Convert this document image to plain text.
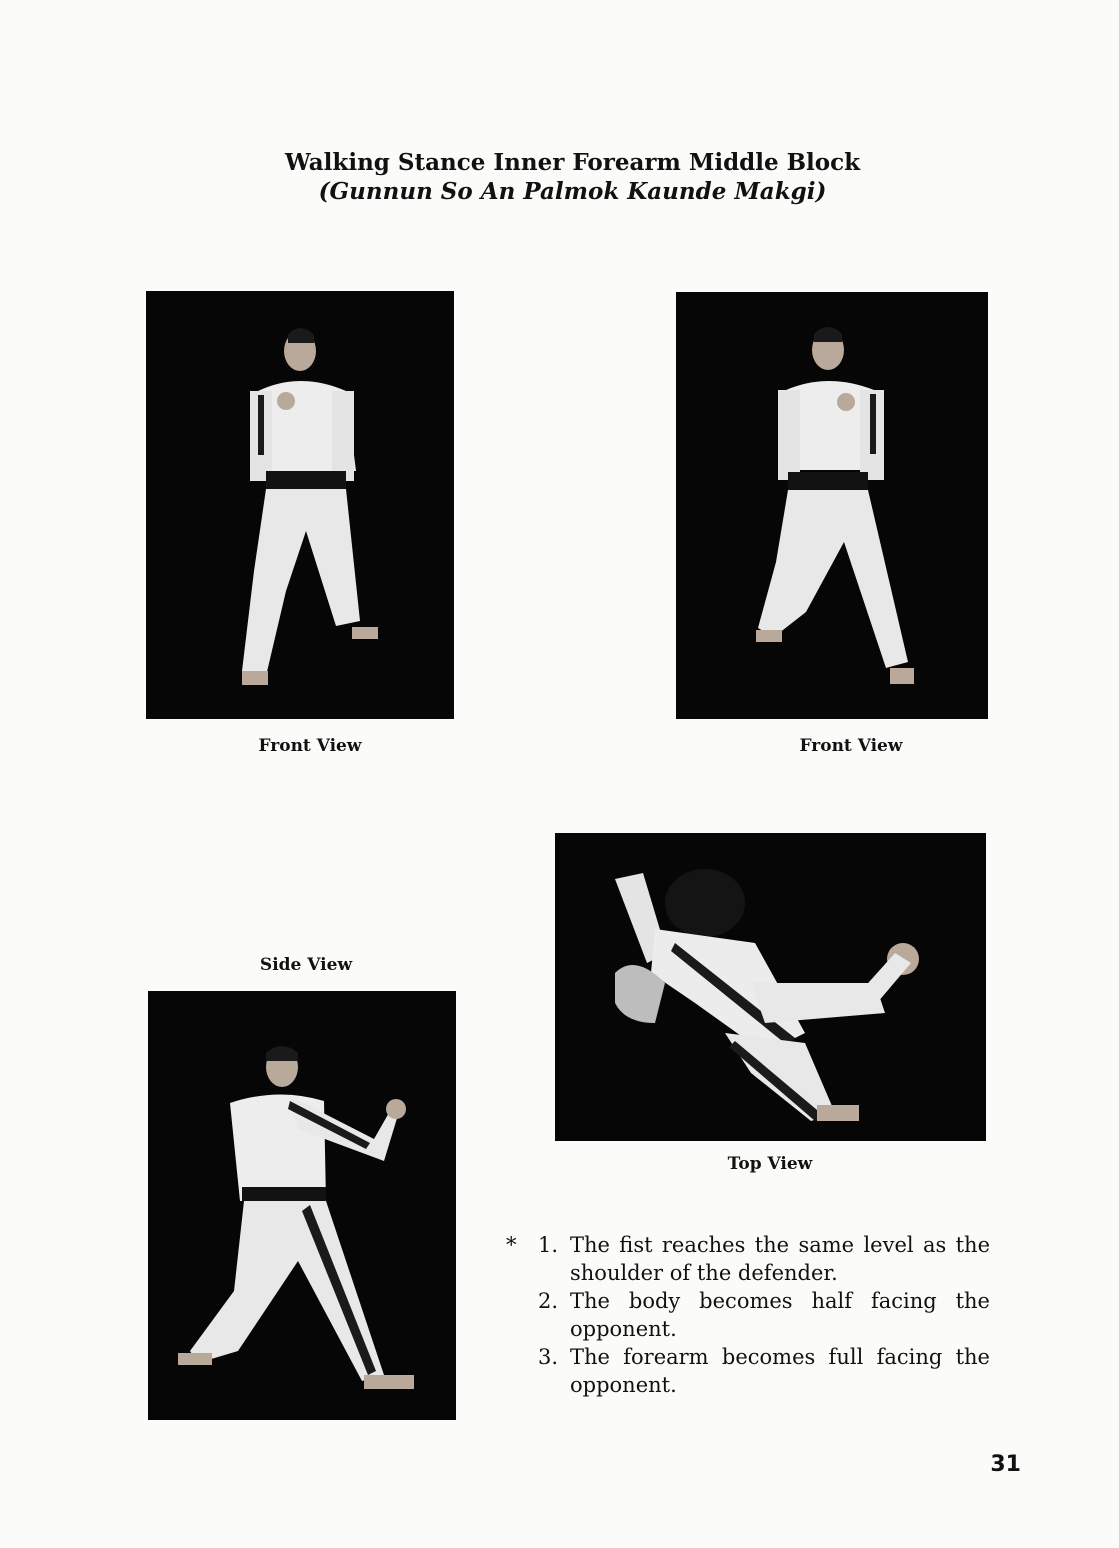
Walking Stance Inner Forearm Middle Block
(Gunnun So An Palmok Kaunde Makgi)
Front View	Front View
Side View
Top View
*	1. The fist reaches the same level as the shoulder of the defender.
2. The body becomes half facing the opponent.
3. The forearm becomes full facing the opponent.
31
